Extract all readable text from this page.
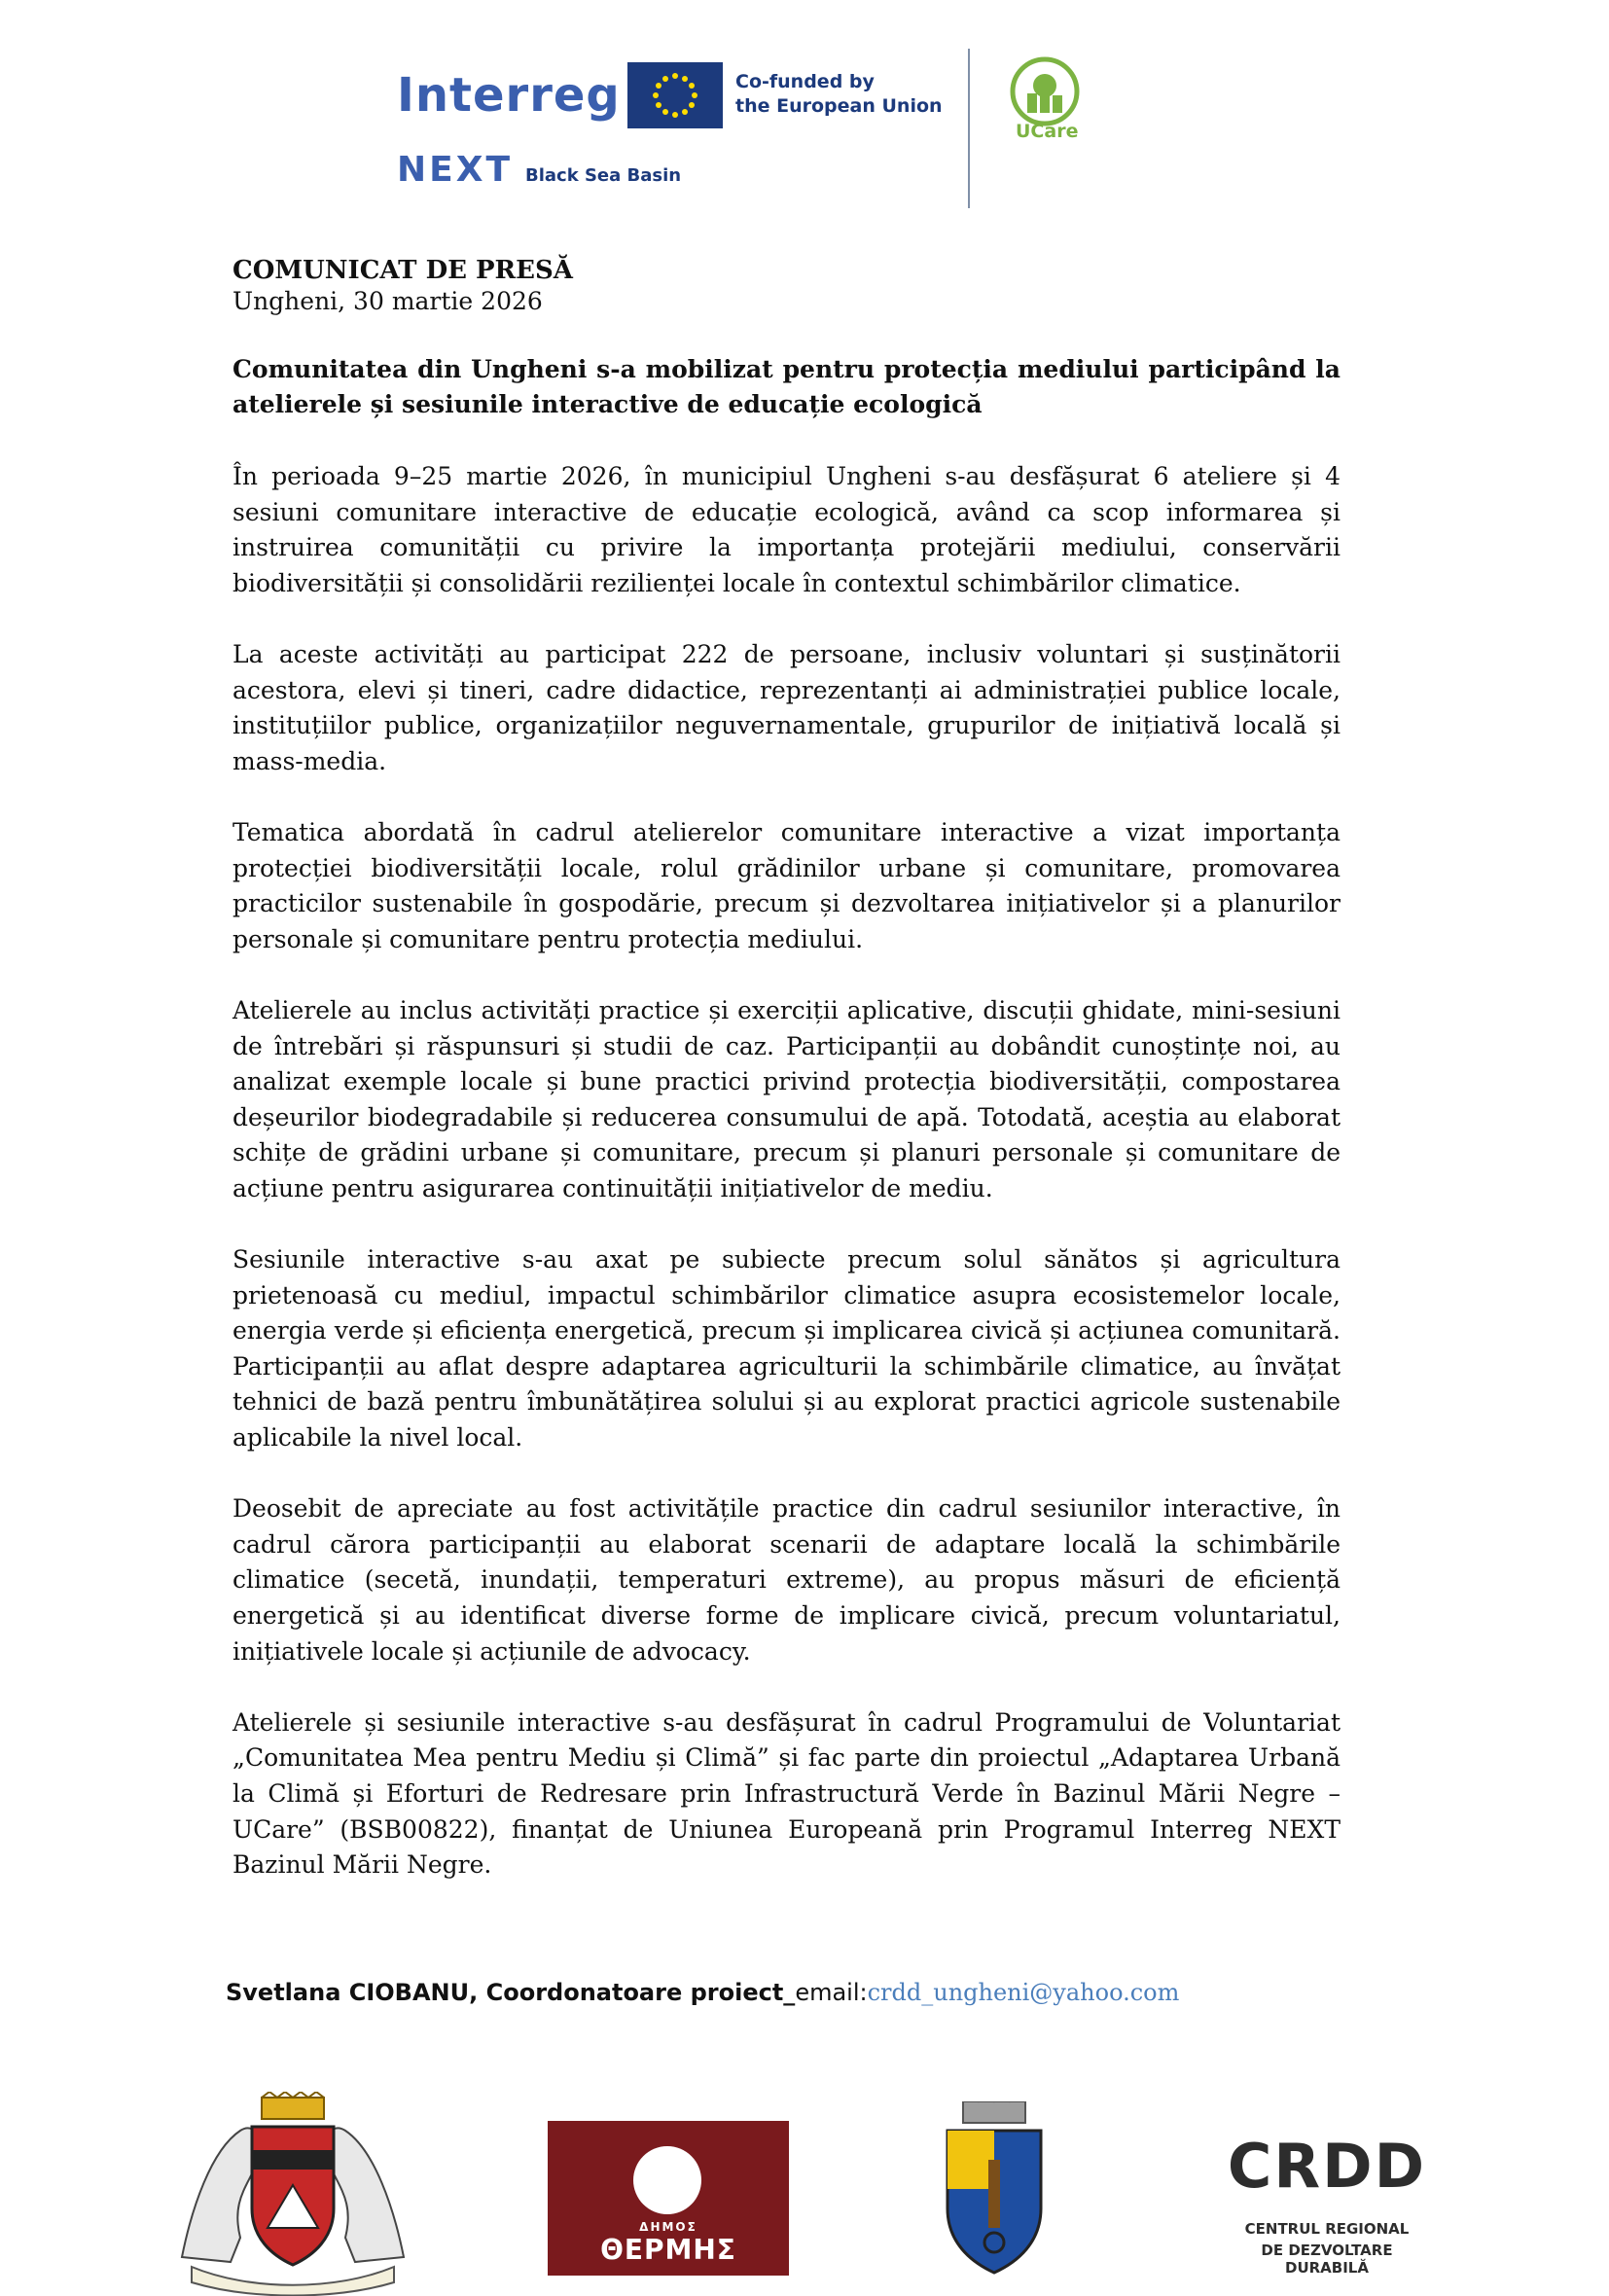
Interreg	Co-funded by
the European Union
NEXT Black Sea Basin
UCare

COMUNICAT DE PRESĂ

Ungheni, 30 martie 2026

Comunitatea din Ungheni s-a mobilizat pentru protecția mediului participând la atelierele și sesiunile interactive de educație ecologică

În perioada 9–25 martie 2026, în municipiul Ungheni s-au desfășurat 6 ateliere și 4 sesiuni comunitare interactive de educație ecologică, având ca scop informarea și instruirea comunității cu privire la importanța protejării mediului, conservării biodiversității și consolidării rezilienței locale în contextul schimbărilor climatice.

La aceste activități au participat 222 de persoane, inclusiv voluntari și susținătorii acestora, elevi și tineri, cadre didactice, reprezentanți ai administrației publice locale, instituțiilor publice, organizațiilor neguvernamentale, grupurilor de inițiativă locală și mass-media.

Tematica abordată în cadrul atelierelor comunitare interactive a vizat importanța protecției biodiversității locale, rolul grădinilor urbane și comunitare, promovarea practicilor sustenabile în gospodărie, precum și dezvoltarea inițiativelor și a planurilor personale și comunitare pentru protecția mediului.

Atelierele au inclus activități practice și exerciții aplicative, discuții ghidate, mini-sesiuni de întrebări și răspunsuri și studii de caz. Participanții au dobândit cunoștințe noi, au analizat exemple locale și bune practici privind protecția biodiversității, compostarea deșeurilor biodegradabile și reducerea consumului de apă. Totodată, aceștia au elaborat schițe de grădini urbane și comunitare, precum și planuri personale și comunitare de acțiune pentru asigurarea continuității inițiativelor de mediu.

Sesiunile interactive s-au axat pe subiecte precum solul sănătos și agricultura prietenoasă cu mediul, impactul schimbărilor climatice asupra ecosistemelor locale, energia verde și eficiența energetică, precum și implicarea civică și acțiunea comunitară. Participanții au aflat despre adaptarea agriculturii la schimbările climatice, au învățat tehnici de bază pentru îmbunătățirea solului și au explorat practici agricole sustenabile aplicabile la nivel local.

Deosebit de apreciate au fost activitățile practice din cadrul sesiunilor interactive, în cadrul cărora participanții au elaborat scenarii de adaptare locală la schimbările climatice (secetă, inundații, temperaturi extreme), au propus măsuri de eficiență energetică și au identificat diverse forme de implicare civică, precum voluntariatul, inițiativele locale și acțiunile de advocacy.

Atelierele și sesiunile interactive s-au desfășurat în cadrul Programului de Voluntariat „Comunitatea Mea pentru Mediu și Climă” și fac parte din proiectul „Adaptarea Urbană la Climă și Eforturi de Redresare prin Infrastructură Verde în Bazinul Mării Negre – UCare” (BSB00822), finanțat de Uniunea Europeană prin Programul Interreg NEXT Bazinul Mării Negre.

Svetlana CIOBANU, Coordonatoare proiect_email:crdd_ungheni@yahoo.com
ΔΗΜΟΣ
ΘΕΡΜΗΣ
CRDD
CENTRUL REGIONAL
DE DEZVOLTARE DURABILĂ
